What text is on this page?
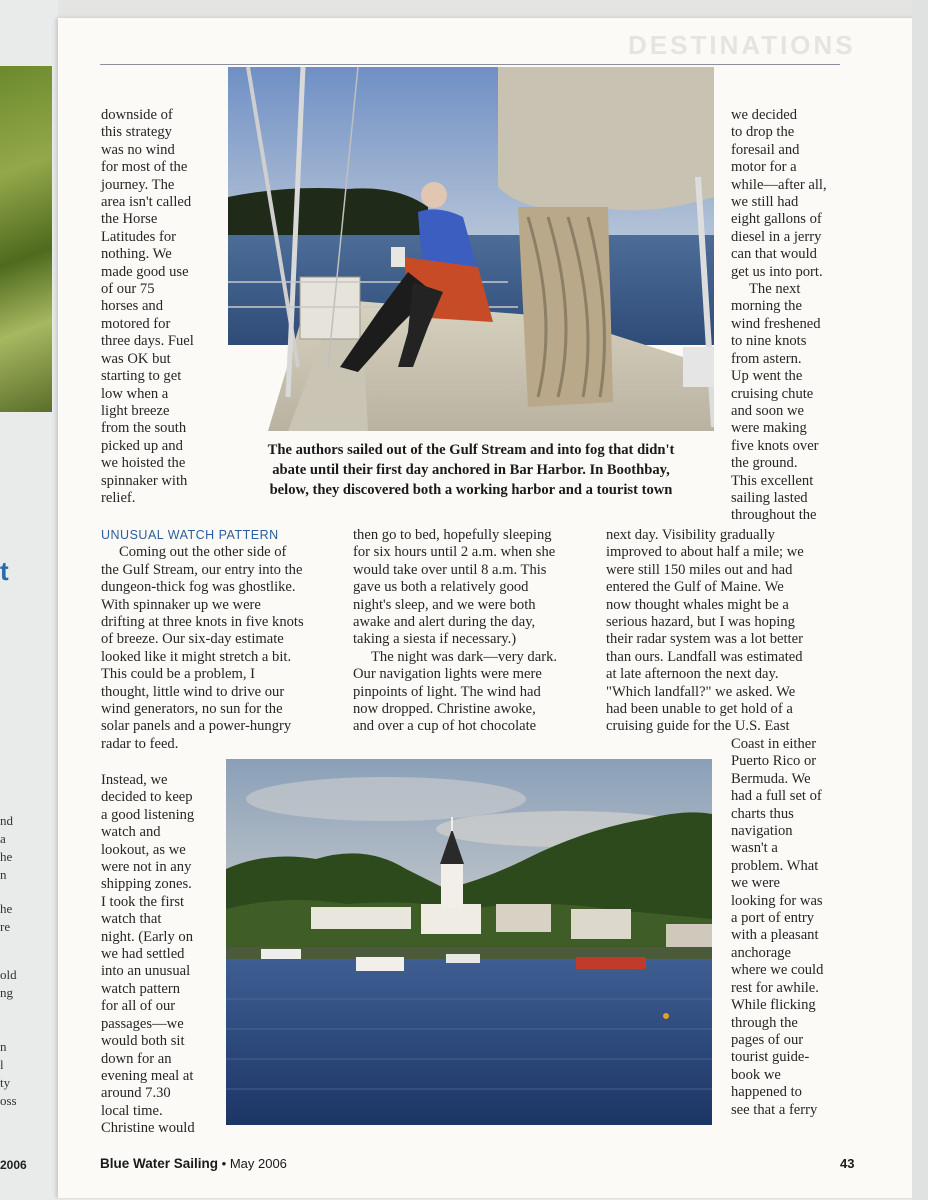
nd
a
he
n
he
re
old
ng
n
l
ty
oss
t
2006
DESTINATIONS
The authors sailed out of the Gulf Stream and into fog that didn't
abate until their first day anchored in Bar Harbor. In Boothbay,
below, they discovered both a working harbor and a tourist town
downside of
this strategy
was no wind
for most of the
journey. The
area isn't called
the Horse
Latitudes for
nothing. We
made good use
of our 75
horses and
motored for
three days. Fuel
was OK but
starting to get
low when a
light breeze
from the south
picked up and
we hoisted the
spinnaker with
relief.
UNUSUAL WATCH PATTERN
Coming out the other side of
the Gulf Stream, our entry into the
dungeon-thick fog was ghostlike.
With spinnaker up we were
drifting at three knots in five knots
of breeze. Our six-day estimate
looked like it might stretch a bit.
This could be a problem, I
thought, little wind to drive our
wind generators, no sun for the
solar panels and a power-hungry
radar to feed.
Instead, we
decided to keep
a good listening
watch and
lookout, as we
were not in any
shipping zones.
I took the first
watch that
night. (Early on
we had settled
into an unusual
watch pattern
for all of our
passages—we
would both sit
down for an
evening meal at
around 7.30
local time.
Christine would
then go to bed, hopefully sleeping
for six hours until 2 a.m. when she
would take over until 8 a.m. This
gave us both a relatively good
night's sleep, and we were both
awake and alert during the day,
taking a siesta if necessary.)
The night was dark—very dark.
Our navigation lights were mere
pinpoints of light. The wind had
now dropped. Christine awoke,
and over a cup of hot chocolate
we decided
to drop the
foresail and
motor for a
while—after all,
we still had
eight gallons of
diesel in a jerry
can that would
get us into port.
The next
morning the
wind freshened
to nine knots
from astern.
Up went the
cruising chute
and soon we
were making
five knots over
the ground.
This excellent
sailing lasted
throughout the
next day. Visibility gradually
improved to about half a mile; we
were still 150 miles out and had
entered the Gulf of Maine. We
now thought whales might be a
serious hazard, but I was hoping
their radar system was a lot better
than ours. Landfall was estimated
at late afternoon the next day.
"Which landfall?" we asked. We
had been unable to get hold of a
cruising guide for the U.S. East
Coast in either
Puerto Rico or
Bermuda. We
had a full set of
charts thus
navigation
wasn't a
problem. What
we were
looking for was
a port of entry
with a pleasant
anchorage
where we could
rest for awhile.
While flicking
through the
pages of our
tourist guide-
book we
happened to
see that a ferry
Blue Water Sailing • May 2006	43
